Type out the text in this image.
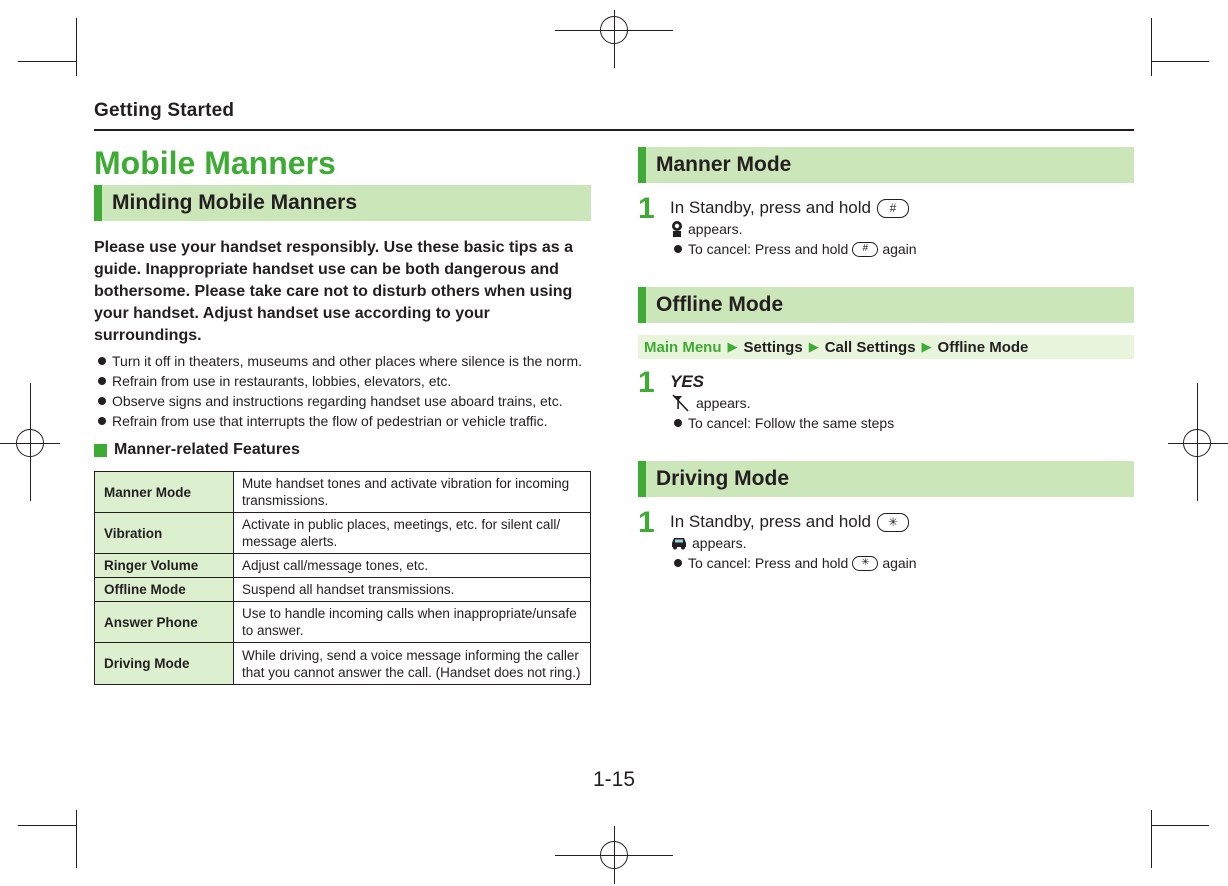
Getting Started
Mobile Manners
Minding Mobile Manners
Please use your handset responsibly. Use these basic tips as a guide. Inappropriate handset use can be both dangerous and bothersome. Please take care not to disturb others when using your handset. Adjust handset use according to your surroundings.
Turn it off in theaters, museums and other places where silence is the norm.
Refrain from use in restaurants, lobbies, elevators, etc.
Observe signs and instructions regarding handset use aboard trains, etc.
Refrain from use that interrupts the flow of pedestrian or vehicle traffic.
Manner-related Features
Manner Mode	Mute handset tones and activate vibration for incoming transmissions.
Vibration	Activate in public places, meetings, etc. for silent call/ message alerts.
Ringer Volume	Adjust call/message tones, etc.
Offline Mode	Suspend all handset transmissions.
Answer Phone	Use to handle incoming calls when inappropriate/unsafe to answer.
Driving Mode	While driving, send a voice message informing the caller that you cannot answer the call. (Handset does not ring.)
Manner Mode
1 In Standby, press and hold	#
appears.
To cancel: Press and hold	#	again
Offline Mode
Main Menu ▶ Settings ▶ Call Settings ▶ Offline Mode
1 YES
appears.
To cancel: Follow the same steps
Driving Mode
1 In Standby, press and hold	✳
appears.
To cancel: Press and hold	✳ again
1-15
